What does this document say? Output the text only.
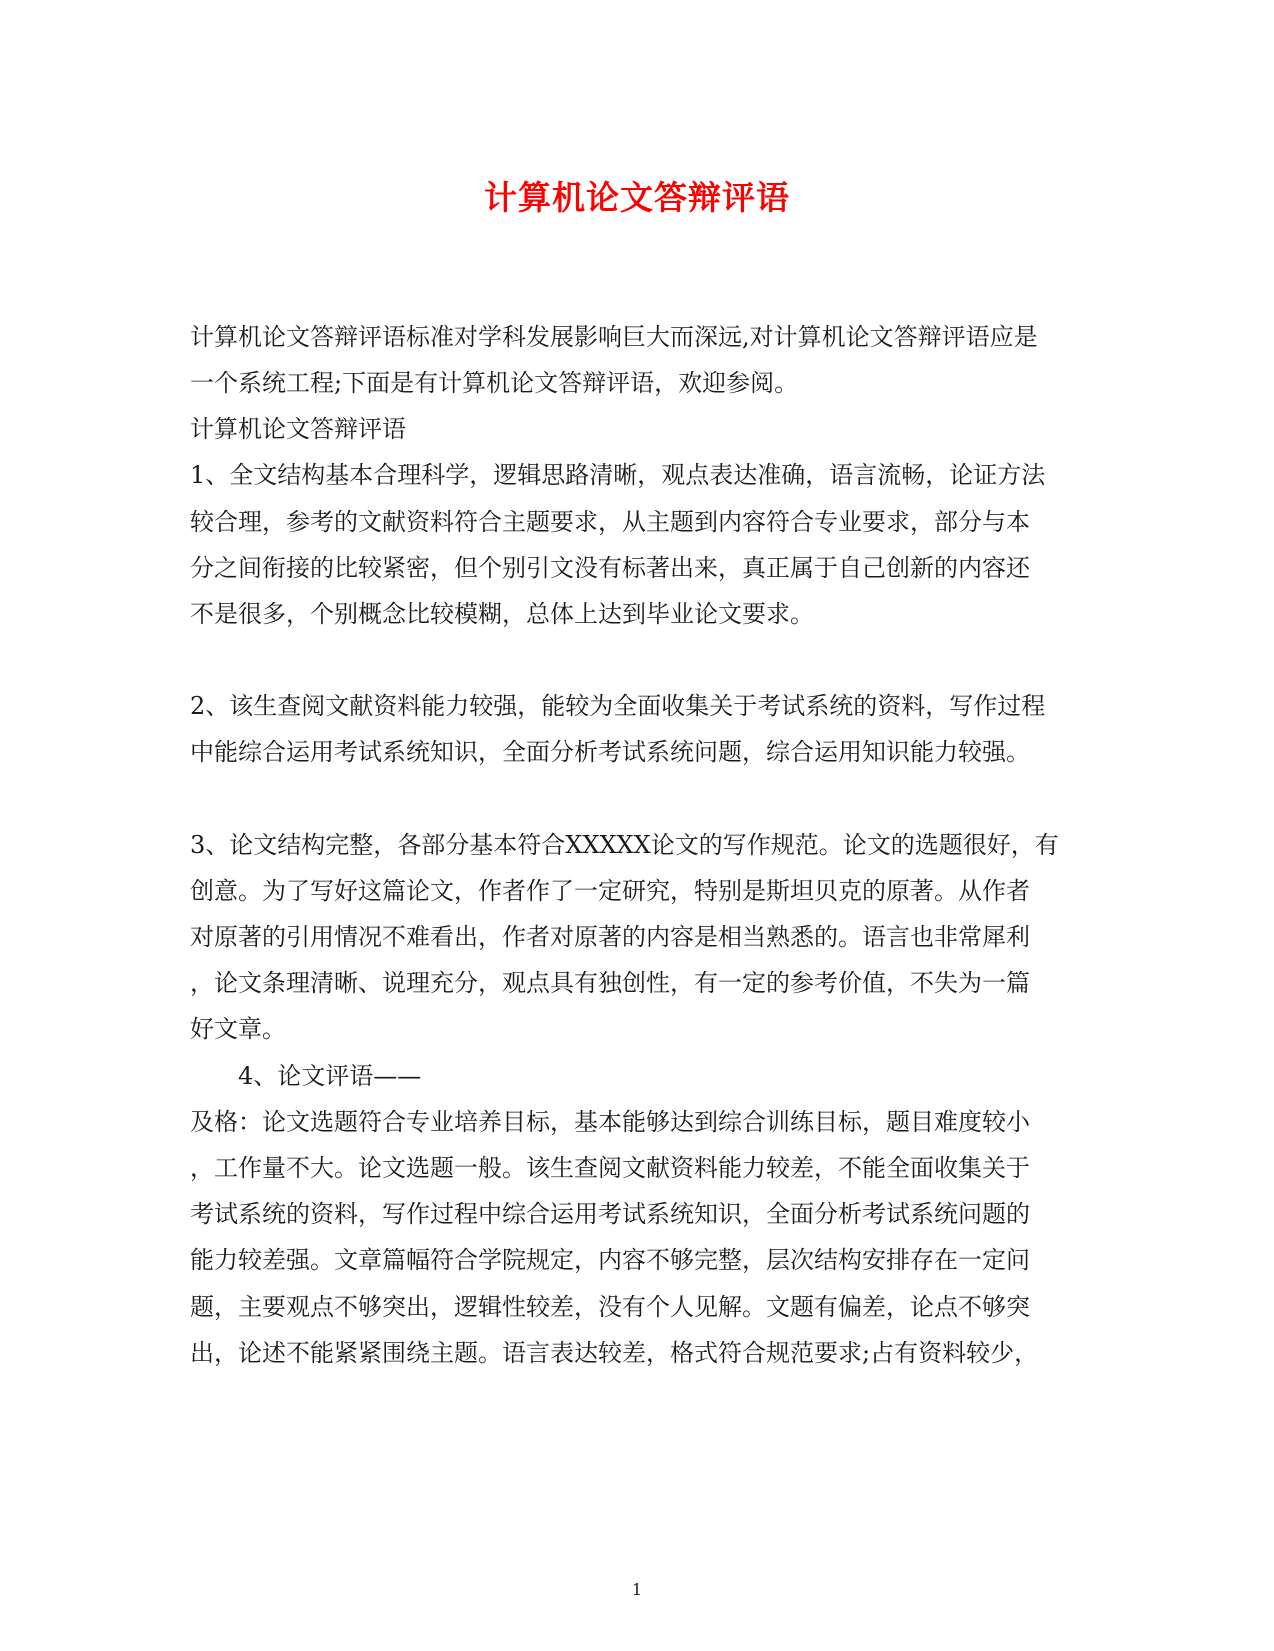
计算机论文答辩评语

计算机论文答辩评语标准对学科发展影响巨大而深远,对计算机论文答辩评语应是

一个系统工程;下面是有计算机论文答辩评语，欢迎参阅。

计算机论文答辩评语

1、全文结构基本合理科学，逻辑思路清晰，观点表达准确，语言流畅，论证方法

较合理，参考的文献资料符合主题要求，从主题到内容符合专业要求，部分与本

分之间衔接的比较紧密，但个别引文没有标著出来，真正属于自己创新的内容还

不是很多，个别概念比较模糊，总体上达到毕业论文要求。

2、该生查阅文献资料能力较强，能较为全面收集关于考试系统的资料，写作过程

中能综合运用考试系统知识，全面分析考试系统问题，综合运用知识能力较强。

3、论文结构完整，各部分基本符合XXXXX论文的写作规范。论文的选题很好，有

创意。为了写好这篇论文，作者作了一定研究，特别是斯坦贝克的原著。从作者

对原著的引用情况不难看出，作者对原著的内容是相当熟悉的。语言也非常犀利

，论文条理清晰、说理充分，观点具有独创性，有一定的参考价值，不失为一篇

好文章。

4、论文评语——

及格：论文选题符合专业培养目标，基本能够达到综合训练目标，题目难度较小

，工作量不大。论文选题一般。该生查阅文献资料能力较差，不能全面收集关于

考试系统的资料，写作过程中综合运用考试系统知识，全面分析考试系统问题的

能力较差强。文章篇幅符合学院规定，内容不够完整，层次结构安排存在一定问

题，主要观点不够突出，逻辑性较差，没有个人见解。文题有偏差，论点不够突

出，论述不能紧紧围绕主题。语言表达较差，格式符合规范要求;占有资料较少，

1
